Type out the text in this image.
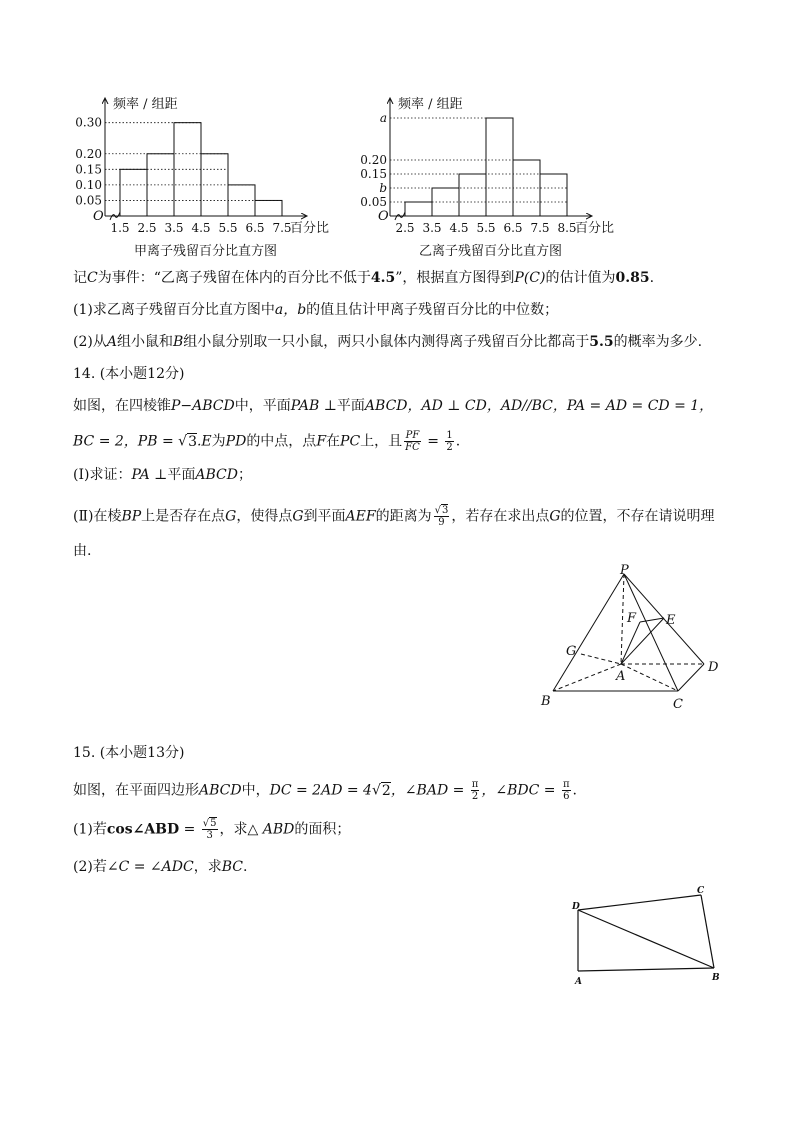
O
频率 / 组距
百分比
0.30
0.20
0.15
0.10
0.05
1.5 2.5 3.5 4.5 5.5 6.5 7.5
甲离子残留百分比直方图
O
频率 / 组距
百分比
a
0.20
0.15
b
0.05
2.5 3.5 4.5 5.5 6.5 7.5 8.5
乙离子残留百分比直方图
记C为事件：“乙离子残留在体内的百分比不低于4.5”，根据直方图得到P(C)的估计值为0.85.
(1)求乙离子残留百分比直方图中a，b的值且估计甲离子残留百分比的中位数；
(2)从A组小鼠和B组小鼠分别取一只小鼠，两只小鼠体内测得离子残留百分比都高于5.5的概率为多少.
14. (本小题12分)
如图，在四棱锥P−ABCD中，平面PAB ⊥平面ABCD，AD ⊥ CD，AD//BC，PA = AD = CD = 1，
BC = 2，PB = √3.E为PD的中点，点F在PC上，且 $\frac{PF}{FC} = \frac{1}{2}$ .
(Ⅰ)求证：PA ⊥平面ABCD；
(Ⅱ)在棱BP上是否存在点G，使得点G到平面AEF的距离为 $\frac{√3}{9}$ ，若存在求出点G的位置，不存在请说明理
由.
P
F E
G
A
D
B	C
15. (本小题13分)
如图，在平面四边形ABCD中，DC = 2AD = 4√2，∠BAD = $\frac{\pi}{2}$ ，∠BDC = $\frac{\pi}{6}$ .
(1)若cos∠ABD = $\frac{√5}{3}$ ，求△ ABD的面积；
(2)若∠C = ∠ADC，求BC.
D
C
A	B
